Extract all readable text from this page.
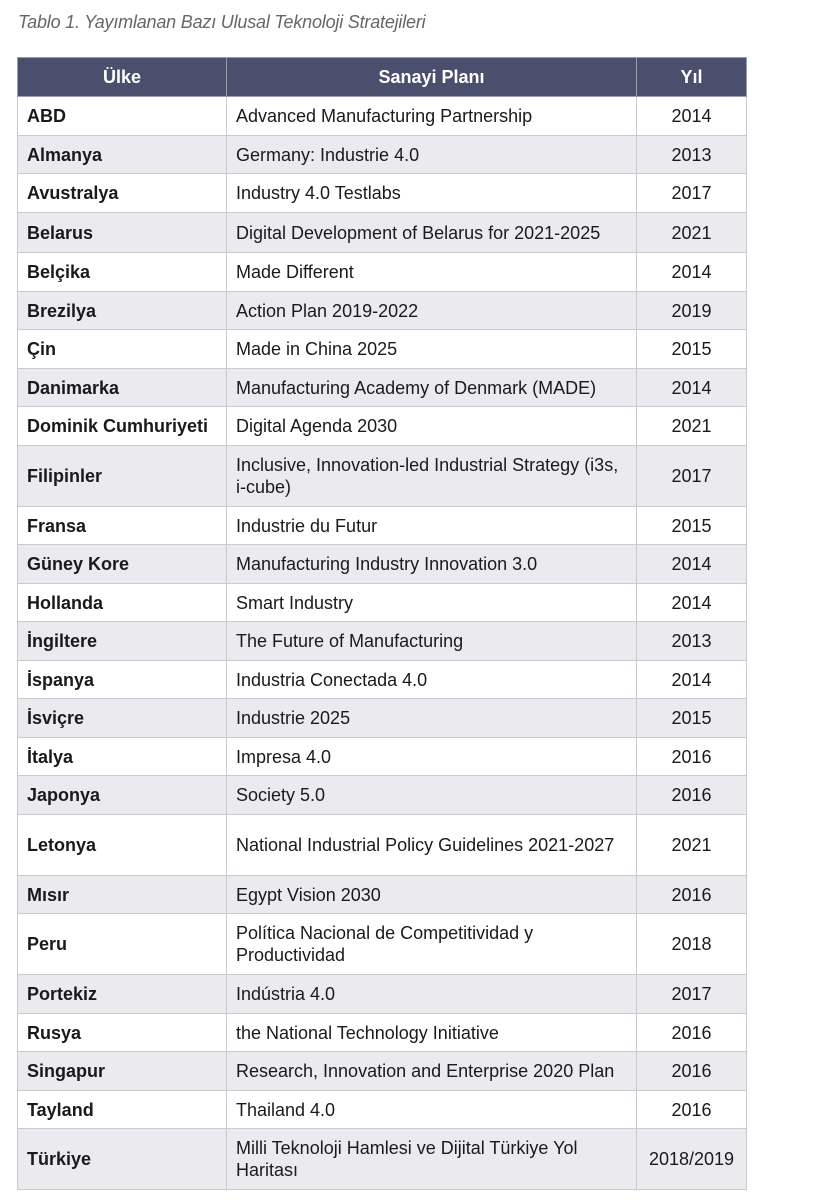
Tablo 1. Yayımlanan Bazı Ulusal Teknoloji Stratejileri
Ülke	Sanayi Planı	Yıl
ABD	Advanced Manufacturing Partnership	2014
Almanya	Germany: Industrie 4.0	2013
Avustralya	Industry 4.0 Testlabs	2017
Belarus	Digital Development of Belarus for 2021-2025	2021
Belçika	Made Different	2014
Brezilya	Action Plan 2019-2022	2019
Çin	Made in China 2025	2015
Danimarka	Manufacturing Academy of Denmark (MADE)	2014
Dominik Cumhuriyeti	Digital Agenda 2030	2021
Filipinler	Inclusive, Innovation-led Industrial Strategy (i3s, i-cube)	2017
Fransa	Industrie du Futur	2015
Güney Kore	Manufacturing Industry Innovation 3.0	2014
Hollanda	Smart Industry	2014
İngiltere	The Future of Manufacturing	2013
İspanya	Industria Conectada 4.0	2014
İsviçre	Industrie 2025	2015
İtalya	Impresa 4.0	2016
Japonya	Society 5.0	2016
Letonya	National Industrial Policy Guidelines 2021-2027	2021
Mısır	Egypt Vision 2030	2016
Peru	Política Nacional de Competitividad y Productividad	2018
Portekiz	Indústria 4.0	2017
Rusya	the National Technology Initiative	2016
Singapur	Research, Innovation and Enterprise 2020 Plan	2016
Tayland	Thailand 4.0	2016
Türkiye	Milli Teknoloji Hamlesi ve Dijital Türkiye Yol Haritası	2018/2019
